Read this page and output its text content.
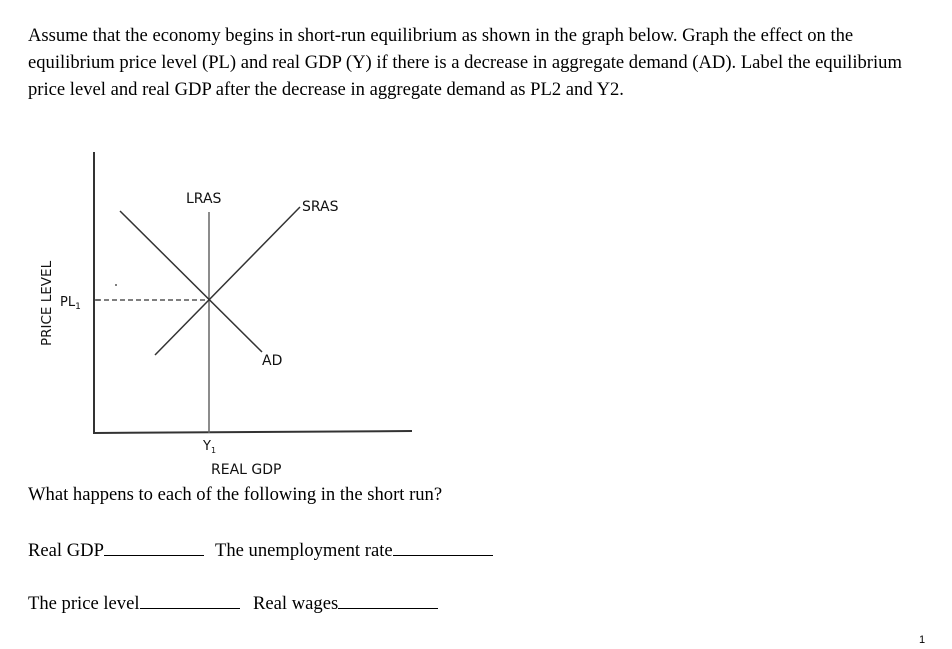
Assume that the economy begins in short-run equilibrium as shown in the graph below. Graph the effect on the equilibrium price level (PL) and real GDP (Y) if there is a decrease in aggregate demand (AD). Label the equilibrium price level and real GDP after the decrease in aggregate demand as PL2 and Y2.

LRAS	SRAS
AD
$PL_1$
$Y_1$
REAL GDP
PRICE LEVEL
What happens to each of the following in the short run?
Real GDP	The unemployment rate
The price level	Real wages
1
